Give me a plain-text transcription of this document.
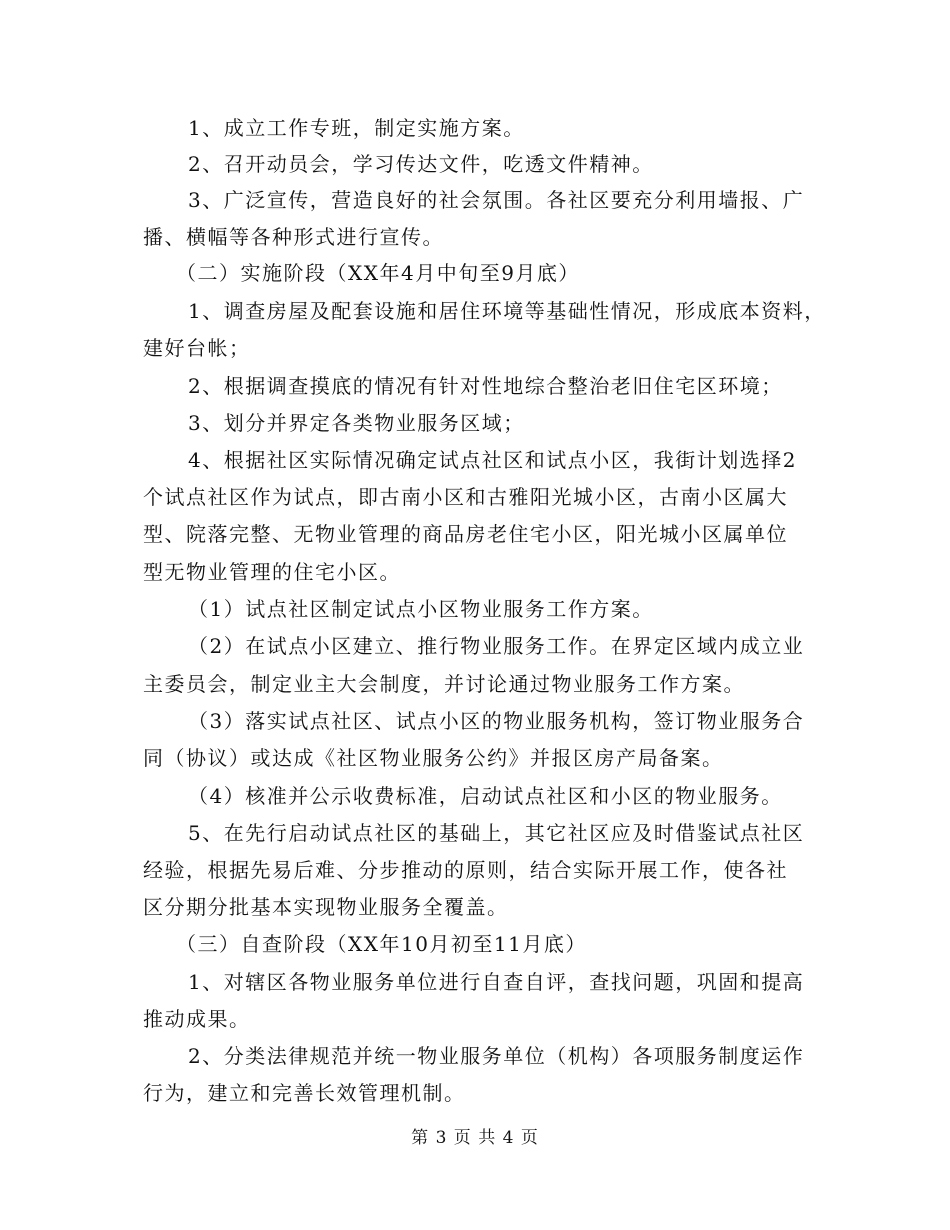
1、成立工作专班，制定实施方案。
2、召开动员会，学习传达文件，吃透文件精神。
3、广泛宣传，营造良好的社会氛围。各社区要充分利用墙报、广
播、横幅等各种形式进行宣传。
（二）实施阶段（XX年4月中旬至9月底）
1、调查房屋及配套设施和居住环境等基础性情况，形成底本资料，
建好台帐；
2、根据调查摸底的情况有针对性地综合整治老旧住宅区环境；
3、划分并界定各类物业服务区域；
4、根据社区实际情况确定试点社区和试点小区，我街计划选择2
个试点社区作为试点，即古南小区和古雅阳光城小区，古南小区属大
型、院落完整、无物业管理的商品房老住宅小区，阳光城小区属单位
型无物业管理的住宅小区。
（1）试点社区制定试点小区物业服务工作方案。
（2）在试点小区建立、推行物业服务工作。在界定区域内成立业
主委员会，制定业主大会制度，并讨论通过物业服务工作方案。
（3）落实试点社区、试点小区的物业服务机构，签订物业服务合
同（协议）或达成《社区物业服务公约》并报区房产局备案。
（4）核准并公示收费标准，启动试点社区和小区的物业服务。
5、在先行启动试点社区的基础上，其它社区应及时借鉴试点社区
经验，根据先易后难、分步推动的原则，结合实际开展工作，使各社
区分期分批基本实现物业服务全覆盖。
（三）自查阶段（XX年10月初至11月底）
1、对辖区各物业服务单位进行自查自评，查找问题，巩固和提高
推动成果。
2、分类法律规范并统一物业服务单位（机构）各项服务制度运作
行为，建立和完善长效管理机制。
第 3 页 共 4 页
